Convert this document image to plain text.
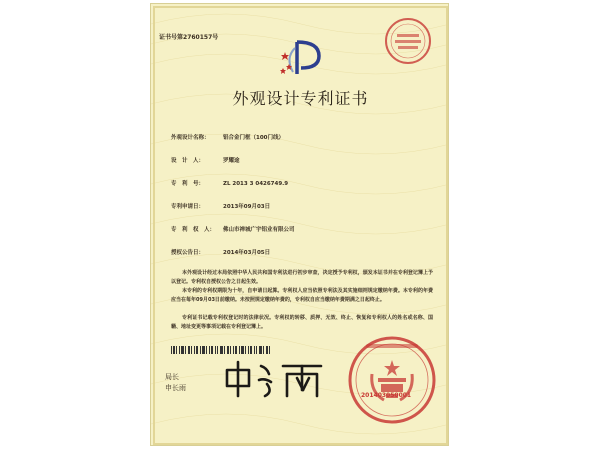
证书号第2760157号
外观设计专利证书
外观设计名称： 铝合金门框（100门线）
设　计　人：	罗耀途
专　利　号：	ZL 2013 3 0426749.9
专利申请日：	2013年09月03日
专　利　权　人： 佛山市禅城广宇铝业有限公司
授权公告日：	2014年03月05日
本外观设计经过本局依照中华人民共和国专利法进行初步审查，决定授予专利权，颁发本证书并在专利登记簿上予以登记。专利权自授权公告之日起生效。
本专利的专利权期限为十年，自申请日起算。专利权人应当依照专利法及其实施细则规定缴纳年费。本专利的年费应当在每年09月03日前缴纳。未按照规定缴纳年费的，专利权自应当缴纳年费期满之日起终止。
专利证书记载专利权登记时的法律状况。专利权的转移、质押、无效、终止、恢复和专利权人的姓名或名称、国籍、地址变更等事项记载在专利登记簿上。
局长
申长雨
201403050001
